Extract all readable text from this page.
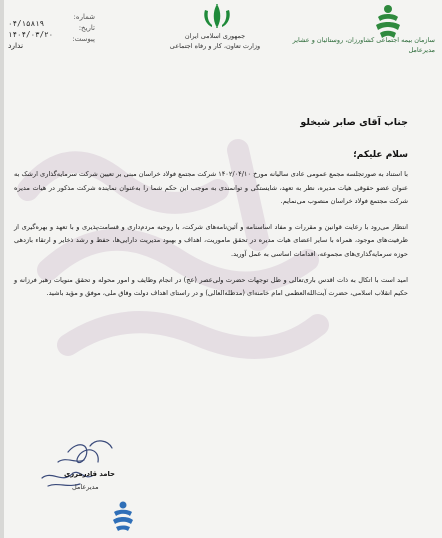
شماره:
تاریخ:
پیوست:
۰۴/۱۵۸۱۹
۱۴۰۴/۰۳/۲۰
ندارد
جمهوری اسلامی ایران
وزارت تعاون، کار و رفاه اجتماعی
سازمان بیمه اجتماعی کشاورزان، روستائیان و عشایر
مدیرعامل
جناب آقای صابر شیخلو
سلام علیکم؛

با استناد به صورتجلسه مجمع عمومی عادی سالیانه مورخ ۱۴۰۲/۰۴/۱۰ شرکت مجتمع فولاد خراسان مبنی بر تعیین شرکت سرمایه‌گذاری ارشک به عنوان عضو حقوقی هیات مدیره، نظر به تعهد، شایستگی و توانمندی به موجب این حکم شما را به‌عنوان نماینده شرکت مذکور در هیات مدیره شرکت مجتمع فولاد خراسان منصوب می‌نمایم.

انتظار می‌رود با رعایت قوانین و مقررات و مفاد اساسنامه و آئین‌نامه‌های شرکت، با روحیه مردم‌داری و قسامت‌پذیری و با تعهد و بهره‌گیری از ظرفیت‌های موجود، همراه با سایر اعضای هیات مدیره در تحقق ماموریت، اهداف و بهبود مدیریت دارایی‌ها، حفظ و رشد ذخایر و ارتقاء بازدهی حوزه سرمایه‌گذاری‌های مجموعه، اقدامات اساسی به عمل آورید.

امید است با اتکال به ذات اقدس باری‌تعالی و ظل توجهات حضرت ولی‌عصر (عج) در انجام وظایف و امور محوله و تحقق منویات رهبر فرزانه و حکیم انقلاب اسلامی، حضرت آیت‌الله‌العظمی امام خامنه‌ای (مدظله‌العالی) و در راستای اهداف دولت وفاق ملی، موفق و مؤید باشید.

حامد قادرمرزی
مدیرعامل
